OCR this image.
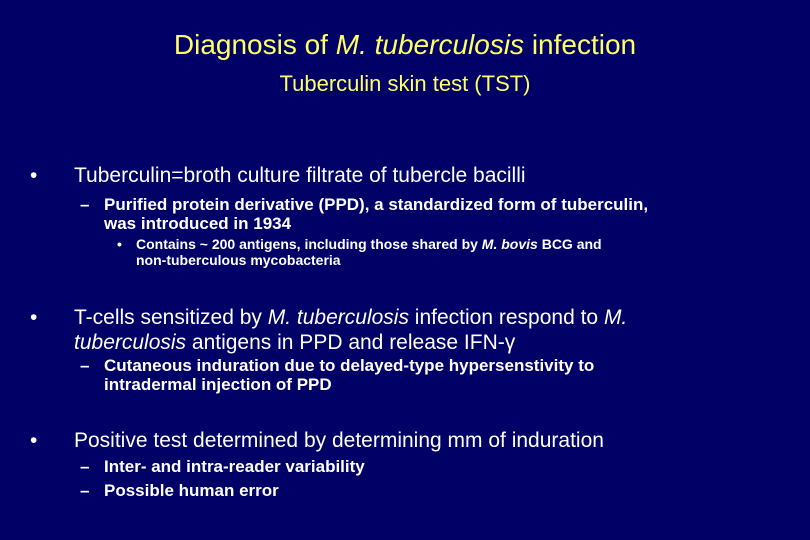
Diagnosis of M. tuberculosis infection
Tuberculin skin test (TST)
•	Tuberculin=broth culture filtrate of tubercle bacilli
– Purified protein derivative (PPD), a standardized form of tuberculin,
was introduced in 1934
•	Contains ~ 200 antigens, including those shared by M. bovis BCG and
non-tuberculous mycobacteria
•	T-cells sensitized by M. tuberculosis infection respond to M.
tuberculosis antigens in PPD and release IFN-γ
– Cutaneous induration due to delayed-type hypersenstivity to
intradermal injection of PPD
•	Positive test determined by determining mm of induration
– Inter- and intra-reader variability
– Possible human error
